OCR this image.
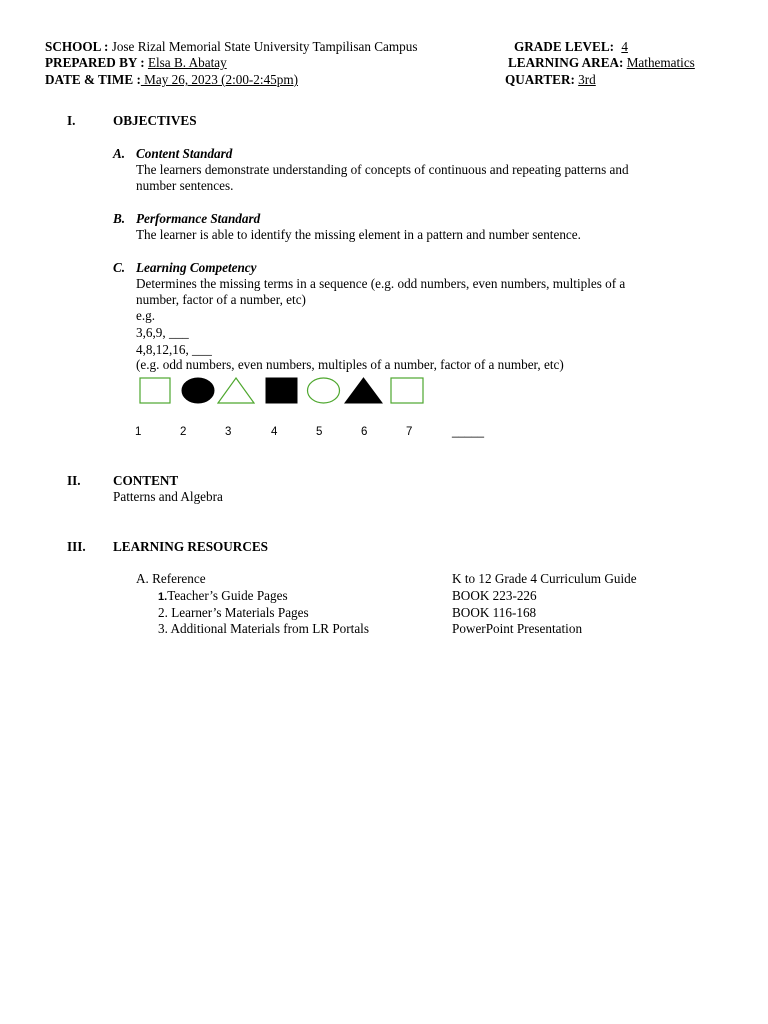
SCHOOL : Jose Rizal Memorial State University Tampilisan Campus	GRADE LEVEL: 4
PREPARED BY : Elsa B. Abatay	LEARNING AREA: Mathematics
DATE & TIME : May 26, 2023 (2:00-2:45pm)	QUARTER: 3rd
I.	OBJECTIVES
A. Content Standard
The learners demonstrate understanding of concepts of continuous and repeating patterns and
number sentences.
B. Performance Standard
The learner is able to identify the missing element in a pattern and number sentence.
C. Learning Competency
Determines the missing terms in a sequence (e.g. odd numbers, even numbers, multiples of a
number, factor of a number, etc)
e.g.
3,6,9, ___
4,8,12,16, ___
(e.g. odd numbers, even numbers, multiples of a number, factor of a number, etc)
1	2	3	4	5	6	7	_____
II. CONTENT
Patterns and Algebra
III. LEARNING RESOURCES
A. Reference	K to 12 Grade 4 Curriculum Guide
1.Teacher’s Guide Pages	BOOK 223-226
2. Learner’s Materials Pages	BOOK 116-168
3. Additional Materials from LR Portals	PowerPoint Presentation
